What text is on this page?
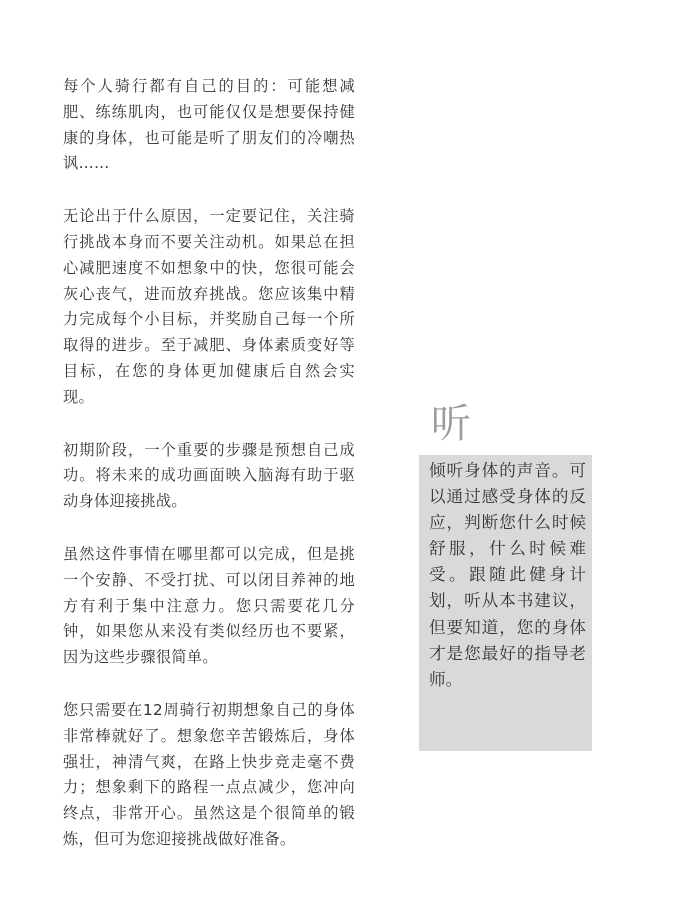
每个人骑行都有自己的目的：可能想减肥、练练肌肉，也可能仅仅是想要保持健康的身体，也可能是听了朋友们的冷嘲热讽……

无论出于什么原因，一定要记住，关注骑行挑战本身而不要关注动机。如果总在担心减肥速度不如想象中的快，您很可能会灰心丧气，进而放弃挑战。您应该集中精力完成每个小目标，并奖励自己每一个所取得的进步。至于减肥、身体素质变好等目标，在您的身体更加健康后自然会实现。

初期阶段，一个重要的步骤是预想自己成功。将未来的成功画面映入脑海有助于驱动身体迎接挑战。

虽然这件事情在哪里都可以完成，但是挑一个安静、不受打扰、可以闭目养神的地方有利于集中注意力。您只需要花几分钟，如果您从来没有类似经历也不要紧，因为这些步骤很简单。

您只需要在12周骑行初期想象自己的身体非常棒就好了。想象您辛苦锻炼后，身体强壮，神清气爽，在路上快步竞走毫不费力；想象剩下的路程一点点减少，您冲向终点，非常开心。虽然这是个很简单的锻炼，但可为您迎接挑战做好准备。

听

倾听身体的声音。可以通过感受身体的反应，判断您什么时候舒服，什么时候难受。跟随此健身计划，听从本书建议，但要知道，您的身体才是您最好的指导老师。
